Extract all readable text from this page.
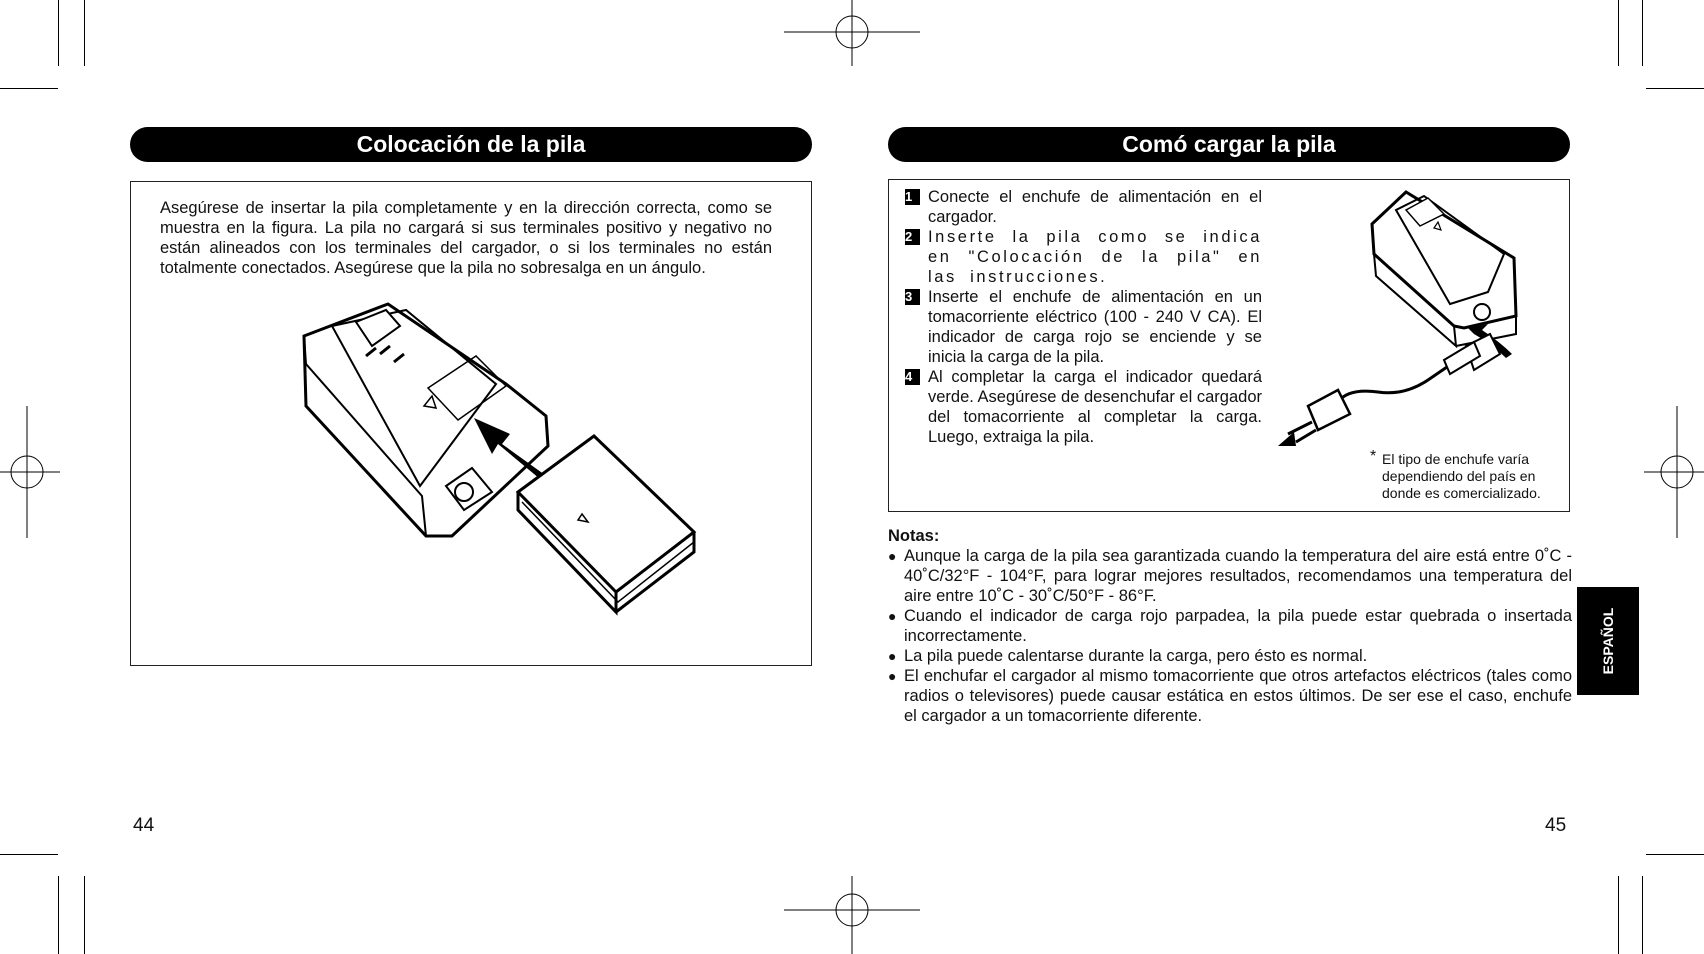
Colocación de la pila
Asegúrese de insertar la pila completamente y en la dirección correcta, como se muestra en la figura. La pila no cargará si sus terminales positivo y negativo no están alineados con los terminales del cargador, o si los terminales no están totalmente conectados. Asegúrese que la pila no sobresalga en un ángulo.
44
Comó cargar la pila
1 Conecte el enchufe de alimentación en el cargador.
2 Inserte la pila como se indica en "Colocación de la pila" en las instrucciones.
3 Inserte el enchufe de alimentación en un tomacorriente eléctrico (100 - 240 V CA). El indicador de carga rojo se enciende y se inicia la carga de la pila.
4 Al completar la carga el indicador quedará verde. Asegúrese de desenchufar el cargador del tomacorriente al completar la carga. Luego, extraiga la pila.
* El tipo de enchufe varía dependiendo del país en donde es comercializado.
Notas:
● Aunque la carga de la pila sea garantizada cuando la temperatura del aire está entre 0˚C - 40˚C/32°F - 104°F, para lograr mejores resultados, recomendamos una temperatura del aire entre 10˚C - 30˚C/50°F - 86°F.
● Cuando el indicador de carga rojo parpadea, la pila puede estar quebrada o insertada incorrectamente.
● La pila puede calentarse durante la carga, pero ésto es normal.
● El enchufar el cargador al mismo tomacorriente que otros artefactos eléctricos (tales como radios o televisores) puede causar estática en estos últimos. De ser ese el caso, enchufe el cargador a un tomacorriente diferente.
ESPAÑOL
45
